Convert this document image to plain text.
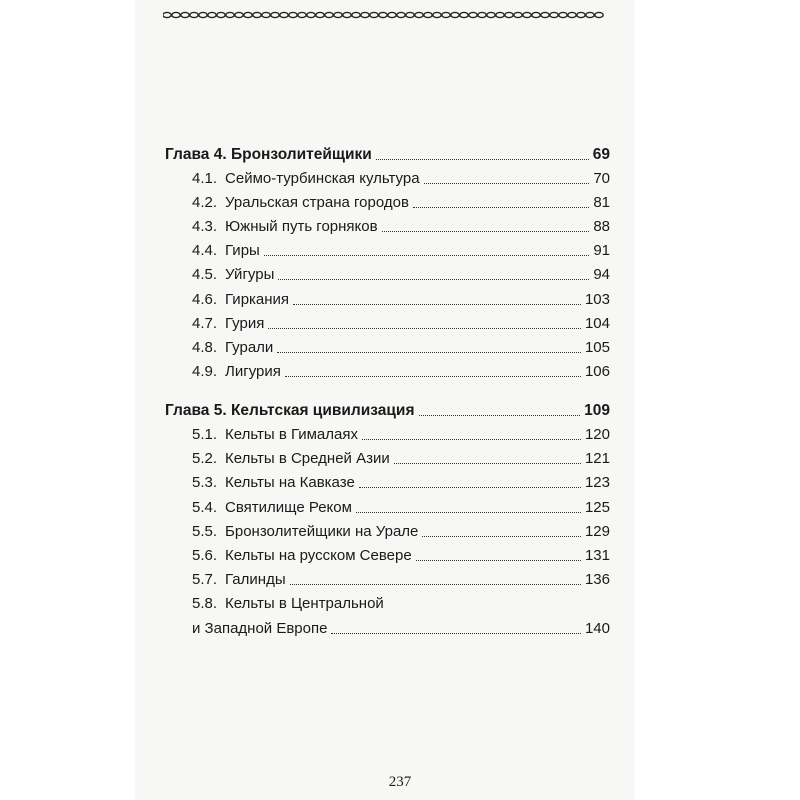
Глава 4. Бронзолитейщики	69
4.1. Сеймо-турбинская культура	70
4.2. Уральская страна городов	81
4.3. Южный путь горняков	88
4.4. Гиры	91
4.5. Уйгуры	94
4.6. Гиркания	103
4.7. Гурия	104
4.8. Гурали	105
4.9. Лигурия	106
Глава 5. Кельтская цивилизация	109
5.1. Кельты в Гималаях	120
5.2. Кельты в Средней Азии	121
5.3. Кельты на Кавказе	123
5.4. Святилище Реком	125
5.5. Бронзолитейщики на Урале	129
5.6. Кельты на русском Севере	131
5.7. Галинды	136
5.8. Кельты в Центральной
и Западной Европе	140
237
